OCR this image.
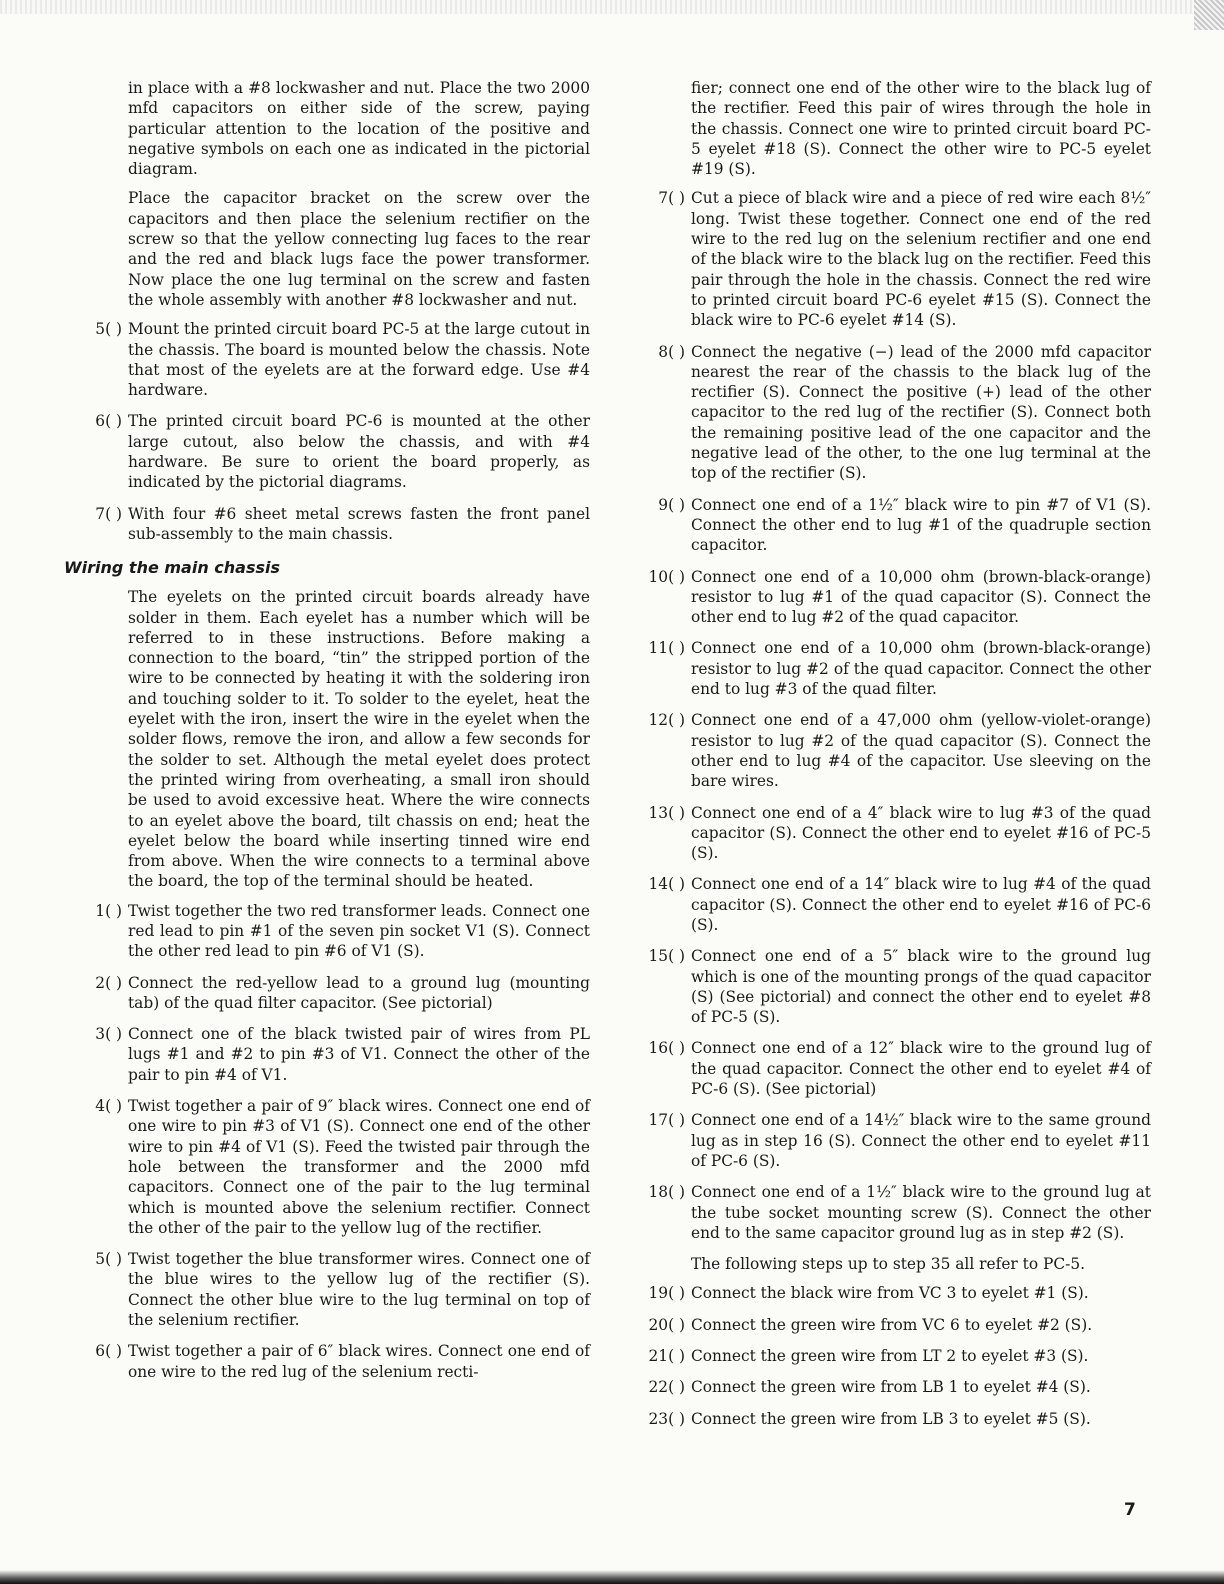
in place with a #8 lockwasher and nut. Place the two 2000 mfd capacitors on either side of the screw, paying particular attention to the location of the positive and negative symbols on each one as indicated in the pictorial diagram.
Place the capacitor bracket on the screw over the capacitors and then place the selenium rectifier on the screw so that the yellow connecting lug faces to the rear and the red and black lugs face the power transformer. Now place the one lug terminal on the screw and fasten the whole assembly with another #8 lockwasher and nut.
5( ) Mount the printed circuit board PC-5 at the large cutout in the chassis. The board is mounted below the chassis. Note that most of the eyelets are at the forward edge. Use #4 hardware.
6( ) The printed circuit board PC-6 is mounted at the other large cutout, also below the chassis, and with #4 hardware. Be sure to orient the board properly, as indicated by the pictorial diagrams.
7( ) With four #6 sheet metal screws fasten the front panel sub-assembly to the main chassis.
Wiring the main chassis
The eyelets on the printed circuit boards already have solder in them. Each eyelet has a number which will be referred to in these instructions. Before making a connection to the board, “tin” the stripped portion of the wire to be connected by heating it with the soldering iron and touching solder to it. To solder to the eyelet, heat the eyelet with the iron, insert the wire in the eyelet when the solder flows, remove the iron, and allow a few seconds for the solder to set. Although the metal eyelet does protect the printed wiring from overheating, a small iron should be used to avoid excessive heat. Where the wire connects to an eyelet above the board, tilt chassis on end; heat the eyelet below the board while inserting tinned wire end from above. When the wire connects to a terminal above the board, the top of the terminal should be heated.
1( ) Twist together the two red transformer leads. Connect one red lead to pin #1 of the seven pin socket V1 (S). Connect the other red lead to pin #6 of V1 (S).
2( ) Connect the red-yellow lead to a ground lug (mounting tab) of the quad filter capacitor. (See pictorial)
3( ) Connect one of the black twisted pair of wires from PL lugs #1 and #2 to pin #3 of V1. Connect the other of the pair to pin #4 of V1.
4( ) Twist together a pair of 9″ black wires. Connect one end of one wire to pin #3 of V1 (S). Connect one end of the other wire to pin #4 of V1 (S). Feed the twisted pair through the hole between the transformer and the 2000 mfd capacitors. Connect one of the pair to the lug terminal which is mounted above the selenium rectifier. Connect the other of the pair to the yellow lug of the rectifier.
5( ) Twist together the blue transformer wires. Connect one of the blue wires to the yellow lug of the rectifier (S). Connect the other blue wire to the lug terminal on top of the selenium rectifier.
6( ) Twist together a pair of 6″ black wires. Connect one end of one wire to the red lug of the selenium recti-
fier; connect one end of the other wire to the black lug of the rectifier. Feed this pair of wires through the hole in the chassis. Connect one wire to printed circuit board PC-5 eyelet #18 (S). Connect the other wire to PC-5 eyelet #19 (S).
7( ) Cut a piece of black wire and a piece of red wire each 8½″ long. Twist these together. Connect one end of the red wire to the red lug on the selenium rectifier and one end of the black wire to the black lug on the rectifier. Feed this pair through the hole in the chassis. Connect the red wire to printed circuit board PC-6 eyelet #15 (S). Connect the black wire to PC-6 eyelet #14 (S).
8( ) Connect the negative (−) lead of the 2000 mfd capacitor nearest the rear of the chassis to the black lug of the rectifier (S). Connect the positive (+) lead of the other capacitor to the red lug of the rectifier (S). Connect both the remaining positive lead of the one capacitor and the negative lead of the other, to the one lug terminal at the top of the rectifier (S).
9( ) Connect one end of a 1½″ black wire to pin #7 of V1 (S). Connect the other end to lug #1 of the quadruple section capacitor.
10( ) Connect one end of a 10,000 ohm (brown-black-orange) resistor to lug #1 of the quad capacitor (S). Connect the other end to lug #2 of the quad capacitor.
11( ) Connect one end of a 10,000 ohm (brown-black-orange) resistor to lug #2 of the quad capacitor. Connect the other end to lug #3 of the quad filter.
12( ) Connect one end of a 47,000 ohm (yellow-violet-orange) resistor to lug #2 of the quad capacitor (S). Connect the other end to lug #4 of the capacitor. Use sleeving on the bare wires.
13( ) Connect one end of a 4″ black wire to lug #3 of the quad capacitor (S). Connect the other end to eyelet #16 of PC-5 (S).
14( ) Connect one end of a 14″ black wire to lug #4 of the quad capacitor (S). Connect the other end to eyelet #16 of PC-6 (S).
15( ) Connect one end of a 5″ black wire to the ground lug which is one of the mounting prongs of the quad capacitor (S) (See pictorial) and connect the other end to eyelet #8 of PC-5 (S).
16( ) Connect one end of a 12″ black wire to the ground lug of the quad capacitor. Connect the other end to eyelet #4 of PC-6 (S). (See pictorial)
17( ) Connect one end of a 14½″ black wire to the same ground lug as in step 16 (S). Connect the other end to eyelet #11 of PC-6 (S).
18( ) Connect one end of a 1½″ black wire to the ground lug at the tube socket mounting screw (S). Connect the other end to the same capacitor ground lug as in step #2 (S).
The following steps up to step 35 all refer to PC-5.
19( ) Connect the black wire from VC 3 to eyelet #1 (S).
20( ) Connect the green wire from VC 6 to eyelet #2 (S).
21( ) Connect the green wire from LT 2 to eyelet #3 (S).
22( ) Connect the green wire from LB 1 to eyelet #4 (S).
23( ) Connect the green wire from LB 3 to eyelet #5 (S).
7
